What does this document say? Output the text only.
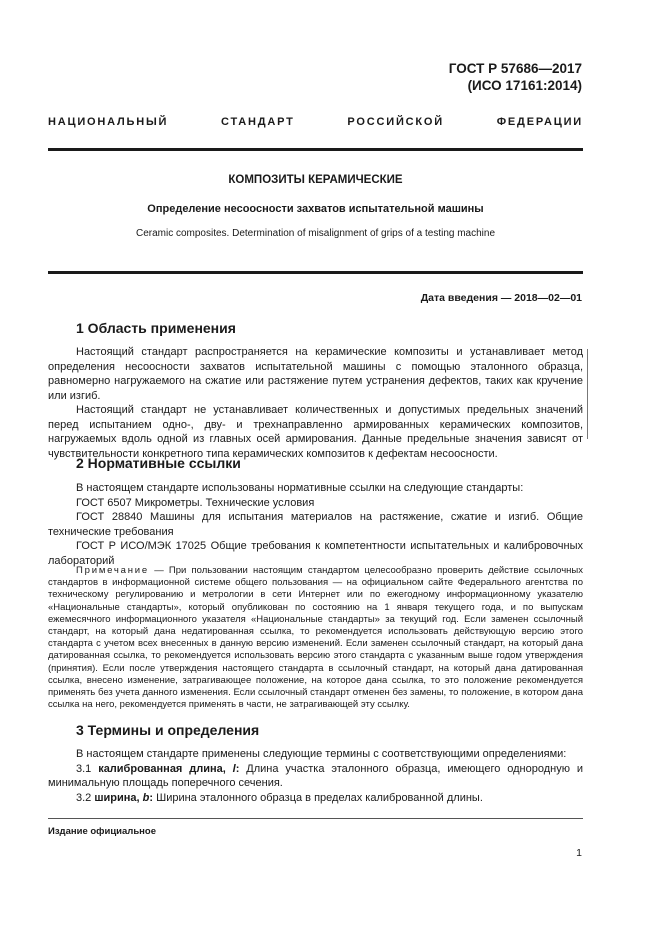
ГОСТ Р 57686—2017
(ИСО 17161:2014)
НАЦИОНАЛЬНЫЙ	СТАНДАРТ	РОССИЙСКОЙ	ФЕДЕРАЦИИ
КОМПОЗИТЫ КЕРАМИЧЕСКИЕ
Определение несоосности захватов испытательной машины
Ceramic composites. Determination of misalignment of grips of a testing machine
Дата введения — 2018—02—01
1 Область применения

Настоящий стандарт распространяется на керамические композиты и устанавливает метод определения несоосности захватов испытательной машины с помощью эталонного образца, равномерно нагружаемого на сжатие или растяжение путем устранения дефектов, таких как кручение или изгиб.

Настоящий стандарт не устанавливает количественных и допустимых предельных значений перед испытанием одно-, дву- и трехнаправленно армированных керамических композитов, нагружаемых вдоль одной из главных осей армирования. Данные предельные значения зависят от чувствительности конкретного типа керамических композитов к дефектам несоосности.

2 Нормативные ссылки

В настоящем стандарте использованы нормативные ссылки на следующие стандарты:

ГОСТ 6507 Микрометры. Технические условия

ГОСТ 28840 Машины для испытания материалов на растяжение, сжатие и изгиб. Общие технические требования

ГОСТ Р ИСО/МЭК 17025 Общие требования к компетентности испытательных и калибровочных лабораторий

Примечание — При пользовании настоящим стандартом целесообразно проверить действие ссылочных стандартов в информационной системе общего пользования — на официальном сайте Федерального агентства по техническому регулированию и метрологии в сети Интернет или по ежегодному информационному указателю «Национальные стандарты», который опубликован по состоянию на 1 января текущего года, и по выпускам ежемесячного информационного указателя «Национальные стандарты» за текущий год. Если заменен ссылочный стандарт, на который дана недатированная ссылка, то рекомендуется использовать действующую версию этого стандарта с учетом всех внесенных в данную версию изменений. Если заменен ссылочный стандарт, на который дана датированная ссылка, то рекомендуется использовать версию этого стандарта с указанным выше годом утверждения (принятия). Если после утверждения настоящего стандарта в ссылочный стандарт, на который дана датированная ссылка, внесено изменение, затрагивающее положение, на которое дана ссылка, то это положение рекомендуется применять без учета данного изменения. Если ссылочный стандарт отменен без замены, то положение, в котором дана ссылка на него, рекомендуется применять в части, не затрагивающей эту ссылку.

3 Термины и определения

В настоящем стандарте применены следующие термины с соответствующими определениями:

3.1 калиброванная длина, l: Длина участка эталонного образца, имеющего однородную и минимальную площадь поперечного сечения.

3.2 ширина, b: Ширина эталонного образца в пределах калиброванной длины.

Издание официальное
1
